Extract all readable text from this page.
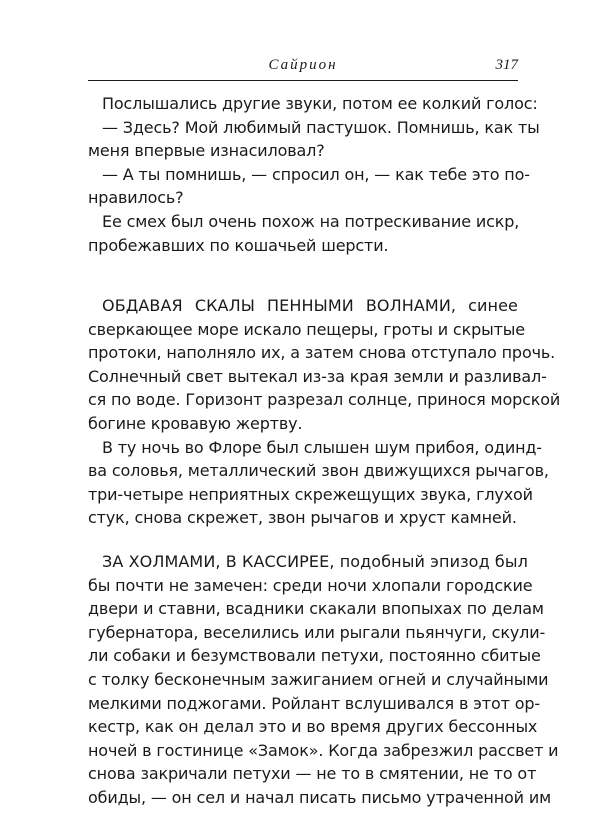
Сайрион	317
Послышались другие звуки, потом ее колкий голос:
— Здесь? Мой любимый пастушок. Помнишь, как ты
меня впервые изнасиловал?
— А ты помнишь, — спросил он, — как тебе это по-
нравилось?
Ее смех был очень похож на потрескивание искр,
пробежавших по кошачьей шерсти.
ОБДАВАЯ СКАЛЫ ПЕННЫМИ ВОЛНАМИ, синее
сверкающее море искало пещеры, гроты и скрытые
протоки, наполняло их, а затем снова отступало прочь.
Солнечный свет вытекал из-за края земли и разливал-
ся по воде. Горизонт разрезал солнце, принося морской
богине кровавую жертву.
В ту ночь во Флоре был слышен шум прибоя, одинд-
ва соловья, металлический звон движущихся рычагов,
три-четыре неприятных скрежещущих звука, глухой
стук, снова скрежет, звон рычагов и хруст камней.
ЗА ХОЛМАМИ, В КАССИРЕЕ, подобный эпизод был
бы почти не замечен: среди ночи хлопали городские
двери и ставни, всадники скакали впопыхах по делам
губернатора, веселились или рыгали пьянчуги, скули-
ли собаки и безумствовали петухи, постоянно сбитые
с толку бесконечным зажиганием огней и случайными
мелкими поджогами. Ройлант вслушивался в этот ор-
кестр, как он делал это и во время других бессонных
ночей в гостинице «Замок». Когда забрезжил рассвет и
снова закричали петухи — не то в смятении, не то от
обиды, — он сел и начал писать письмо утраченной им
